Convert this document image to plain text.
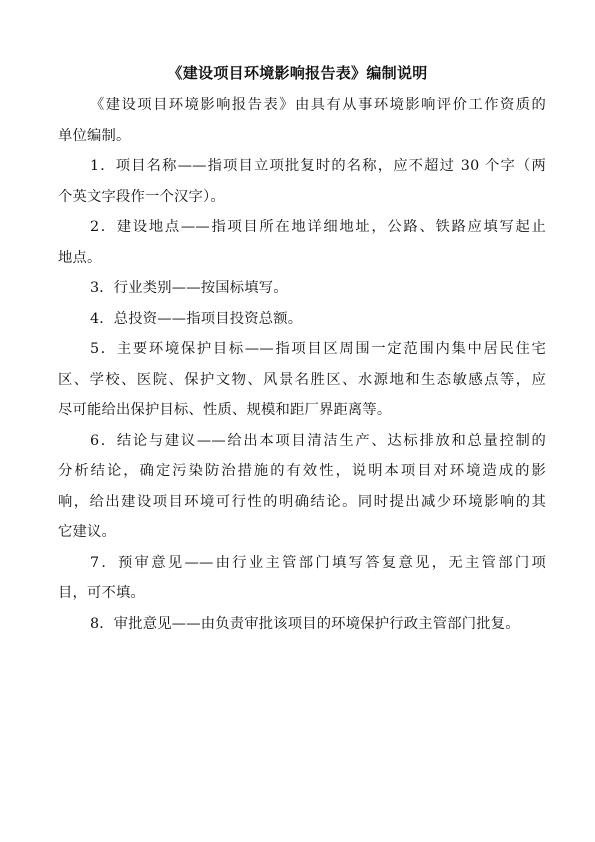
《建设项目环境影响报告表》编制说明
《建设项目环境影响报告表》由具有从事环境影响评价工作资质的
单位编制。
1．项目名称——指项目立项批复时的名称，应不超过 30 个字（两
个英文字段作一个汉字）。
2．建设地点——指项目所在地详细地址，公路、铁路应填写起止
地点。
3．行业类别——按国标填写。
4．总投资——指项目投资总额。
5．主要环境保护目标——指项目区周围一定范围内集中居民住宅
区、学校、医院、保护文物、风景名胜区、水源地和生态敏感点等，应
尽可能给出保护目标、性质、规模和距厂界距离等。
6．结论与建议——给出本项目清洁生产、达标排放和总量控制的
分析结论，确定污染防治措施的有效性，说明本项目对环境造成的影
响，给出建设项目环境可行性的明确结论。同时提出减少环境影响的其
它建议。
7．预审意见——由行业主管部门填写答复意见，无主管部门项
目，可不填。
8．审批意见——由负责审批该项目的环境保护行政主管部门批复。
